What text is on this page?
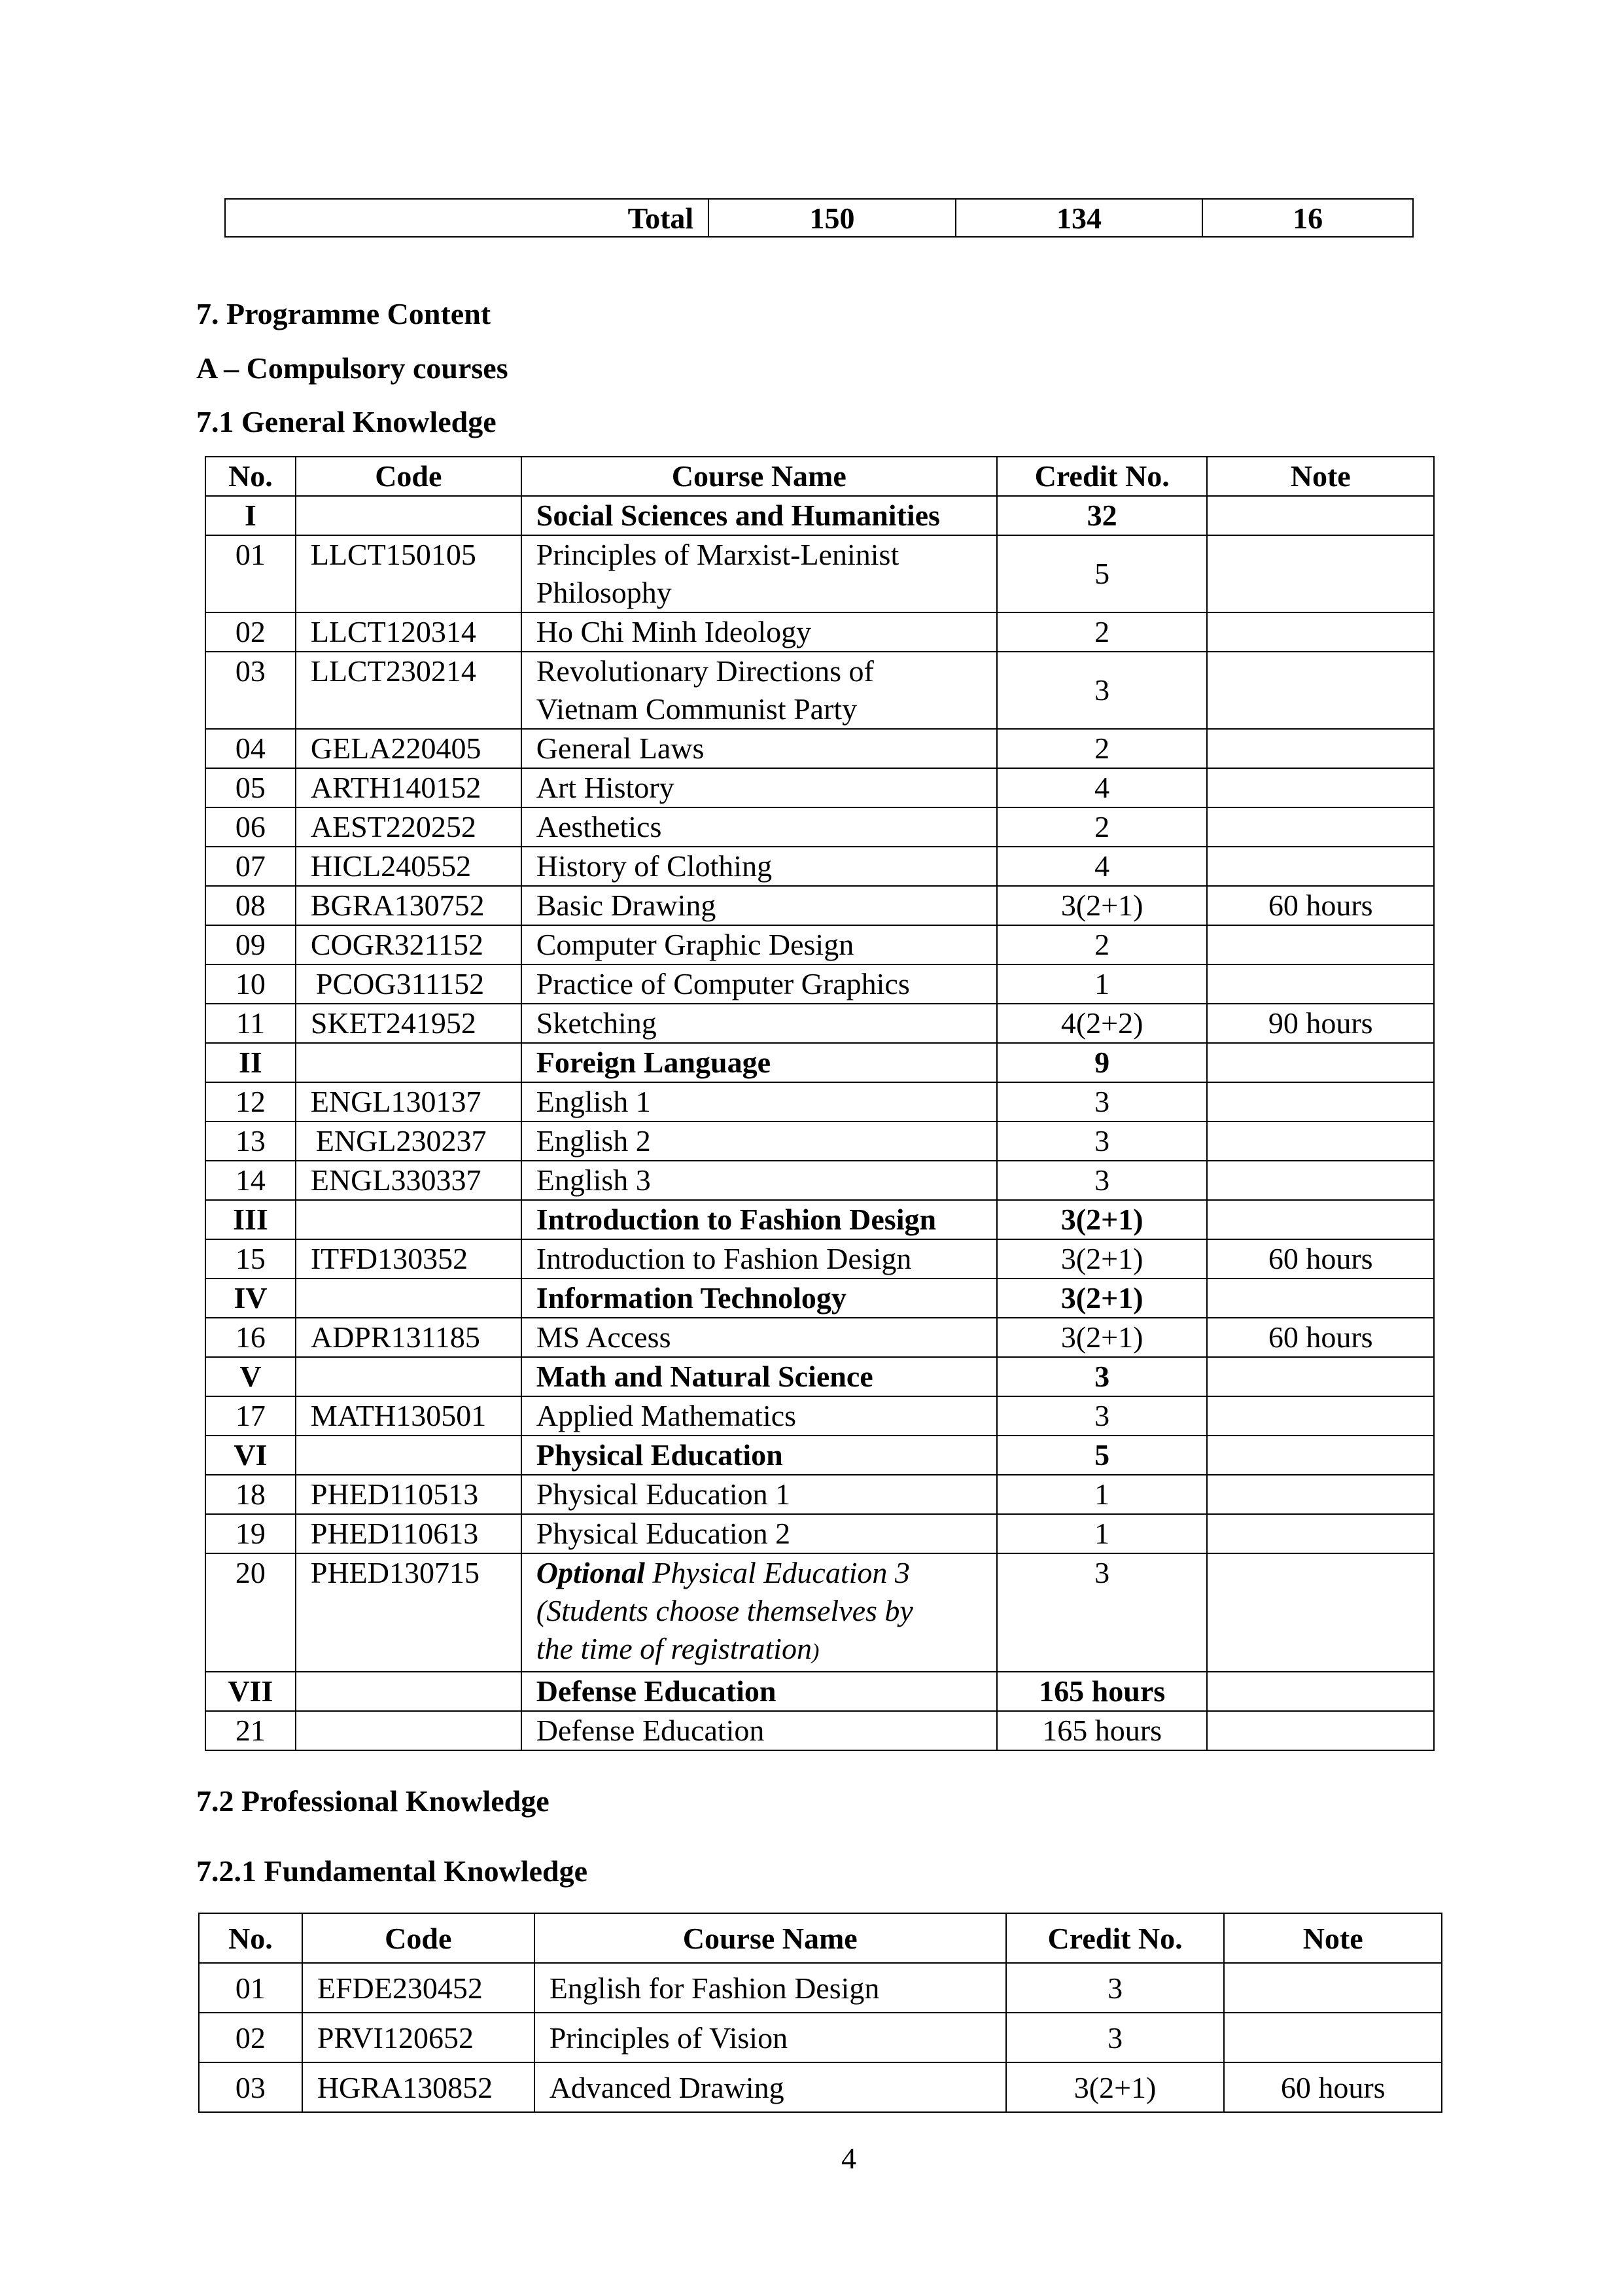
Total	150	134	16

7. Programme Content

A – Compulsory courses

7.1 General Knowledge

No.	Code	Course Name	Credit No.	Note
I		Social Sciences and Humanities	32	
01	LLCT150105	Principles of Marxist-Leninist
Philosophy	5	
02	LLCT120314	Ho Chi Minh Ideology	2	
03	LLCT230214	Revolutionary Directions of
Vietnam Communist Party	3	
04	GELA220405	General Laws	2	
05	ARTH140152	Art History	4	
06	AEST220252	Aesthetics	2	
07	HICL240552	History of Clothing	4	
08	BGRA130752	Basic Drawing	3(2+1)	60 hours
09	COGR321152	Computer Graphic Design	2	
10	PCOG311152	Practice of Computer Graphics	1	
11	SKET241952	Sketching	4(2+2)	90 hours
II		Foreign Language	9	
12	ENGL130137	English 1	3	
13	ENGL230237	English 2	3	
14	ENGL330337	English 3	3	
III		Introduction to Fashion Design	3(2+1)	
15	ITFD130352	Introduction to Fashion Design	3(2+1)	60 hours
IV		Information Technology	3(2+1)	
16	ADPR131185	MS Access	3(2+1)	60 hours
V		Math and Natural Science	3	
17	MATH130501	Applied Mathematics	3	
VI		Physical Education	5	
18	PHED110513	Physical Education 1	1	
19	PHED110613	Physical Education 2	1	
20	PHED130715	Optional Physical Education 3
(Students choose themselves by
the time of registration)	3	
VII		Defense Education	165 hours	
21		Defense Education	165 hours	

7.2 Professional Knowledge

7.2.1 Fundamental Knowledge

No.	Code	Course Name	Credit No.	Note
01	EFDE230452	English for Fashion Design	3	
02	PRVI120652	Principles of Vision	3	
03	HGRA130852	Advanced Drawing	3(2+1)	60 hours

4
